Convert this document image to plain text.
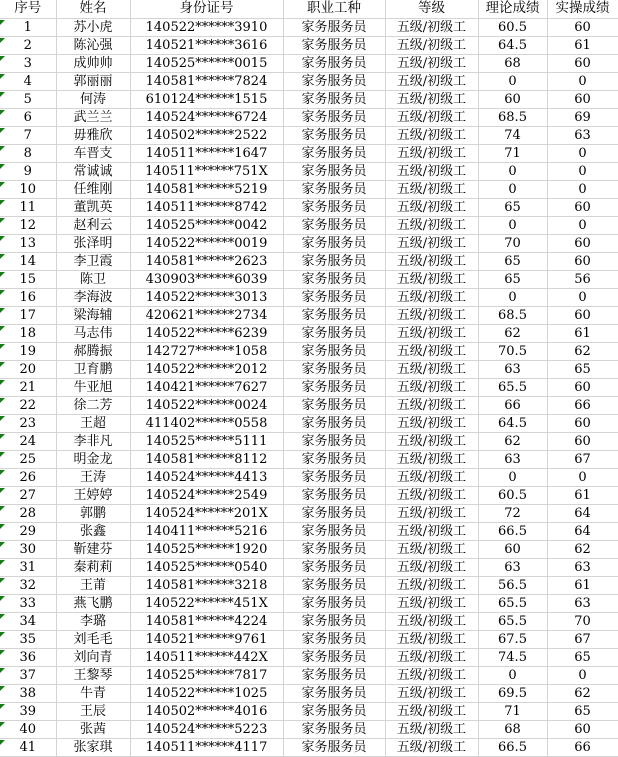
序号	姓名	身份证号	职业工种	等级	理论成绩	实操成绩

1	苏小虎	140522******3910	家务服务员	五级/初级工	60.5	60

2	陈沁强	140521******3616	家务服务员	五级/初级工	64.5	61

3	成帅帅	140525******0015	家务服务员	五级/初级工	68	60

4	郭丽丽	140581******7824	家务服务员	五级/初级工	0	0

5	何涛	610124******1515	家务服务员	五级/初级工	60	60

6	武兰兰	140524******6724	家务服务员	五级/初级工	68.5	69

7	毋雅欣	140502******2522	家务服务员	五级/初级工	74	63

8	车晋支	140511******1647	家务服务员	五级/初级工	71	0

9	常诚诚	140511******751X	家务服务员	五级/初级工	0	0

10	任维刚	140581******5219	家务服务员	五级/初级工	0	0

11	董凯英	140511******8742	家务服务员	五级/初级工	65	60

12	赵利云	140525******0042	家务服务员	五级/初级工	0	0

13	张泽明	140522******0019	家务服务员	五级/初级工	70	60

14	李卫霞	140581******2623	家务服务员	五级/初级工	65	60

15	陈卫	430903******6039	家务服务员	五级/初级工	65	56

16	李海波	140522******3013	家务服务员	五级/初级工	0	0

17	梁海辅	420621******2734	家务服务员	五级/初级工	68.5	60

18	马志伟	140522******6239	家务服务员	五级/初级工	62	61

19	郝腾振	142727******1058	家务服务员	五级/初级工	70.5	62

20	卫育鹏	140522******2012	家务服务员	五级/初级工	63	65

21	牛亚旭	140421******7627	家务服务员	五级/初级工	65.5	60

22	徐二芳	140522******0024	家务服务员	五级/初级工	66	66

23	王超	411402******0558	家务服务员	五级/初级工	64.5	60

24	李非凡	140525******5111	家务服务员	五级/初级工	62	60

25	明金龙	140581******8112	家务服务员	五级/初级工	63	67

26	王涛	140524******4413	家务服务员	五级/初级工	0	0

27	王婷婷	140524******2549	家务服务员	五级/初级工	60.5	61

28	郭鹏	140524******201X	家务服务员	五级/初级工	72	64

29	张鑫	140411******5216	家务服务员	五级/初级工	66.5	64

30	靳建芬	140525******1920	家务服务员	五级/初级工	60	62

31	秦莉莉	140525******0540	家务服务员	五级/初级工	63	63

32	王莆	140581******3218	家务服务员	五级/初级工	56.5	61

33	燕飞鹏	140522******451X	家务服务员	五级/初级工	65.5	63

34	李璐	140581******4224	家务服务员	五级/初级工	65.5	70

35	刘毛毛	140521******9761	家务服务员	五级/初级工	67.5	67

36	刘向青	140511******442X	家务服务员	五级/初级工	74.5	65

37	王黎琴	140525******7817	家务服务员	五级/初级工	0	0

38	牛青	140522******1025	家务服务员	五级/初级工	69.5	62

39	王辰	140502******4016	家务服务员	五级/初级工	71	65

40	张茜	140524******5223	家务服务员	五级/初级工	68	60

41	张家琪	140511******4117	家务服务员	五级/初级工	66.5	66
